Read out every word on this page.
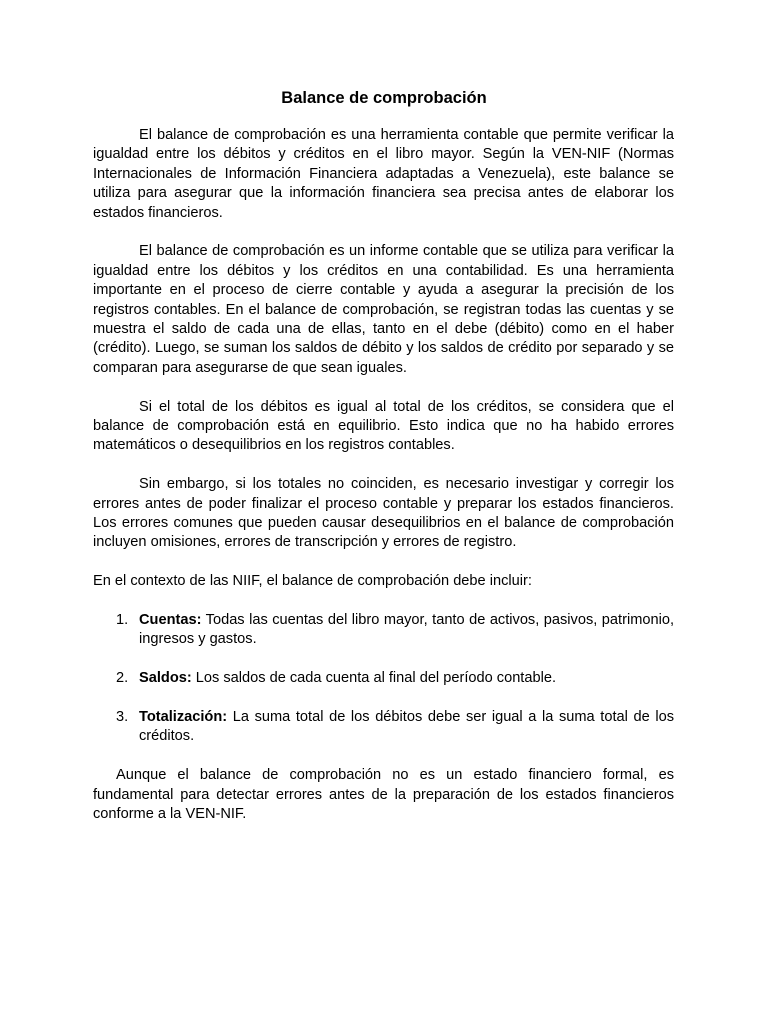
Balance de comprobación

El balance de comprobación es una herramienta contable que permite verificar la igualdad entre los débitos y créditos en el libro mayor. Según la VEN-NIF (Normas Internacionales de Información Financiera adaptadas a Venezuela), este balance se utiliza para asegurar que la información financiera sea precisa antes de elaborar los estados financieros.

El balance de comprobación es un informe contable que se utiliza para verificar la igualdad entre los débitos y los créditos en una contabilidad. Es una herramienta importante en el proceso de cierre contable y ayuda a asegurar la precisión de los registros contables. En el balance de comprobación, se registran todas las cuentas y se muestra el saldo de cada una de ellas, tanto en el debe (débito) como en el haber (crédito). Luego, se suman los saldos de débito y los saldos de crédito por separado y se comparan para asegurarse de que sean iguales.

Si el total de los débitos es igual al total de los créditos, se considera que el balance de comprobación está en equilibrio. Esto indica que no ha habido errores matemáticos o desequilibrios en los registros contables.

Sin embargo, si los totales no coinciden, es necesario investigar y corregir los errores antes de poder finalizar el proceso contable y preparar los estados financieros. Los errores comunes que pueden causar desequilibrios en el balance de comprobación incluyen omisiones, errores de transcripción y errores de registro.

En el contexto de las NIIF, el balance de comprobación debe incluir:

1. Cuentas: Todas las cuentas del libro mayor, tanto de activos, pasivos, patrimonio, ingresos y gastos.
2. Saldos: Los saldos de cada cuenta al final del período contable.
3. Totalización: La suma total de los débitos debe ser igual a la suma total de los créditos.

Aunque el balance de comprobación no es un estado financiero formal, es fundamental para detectar errores antes de la preparación de los estados financieros conforme a la VEN-NIF.
